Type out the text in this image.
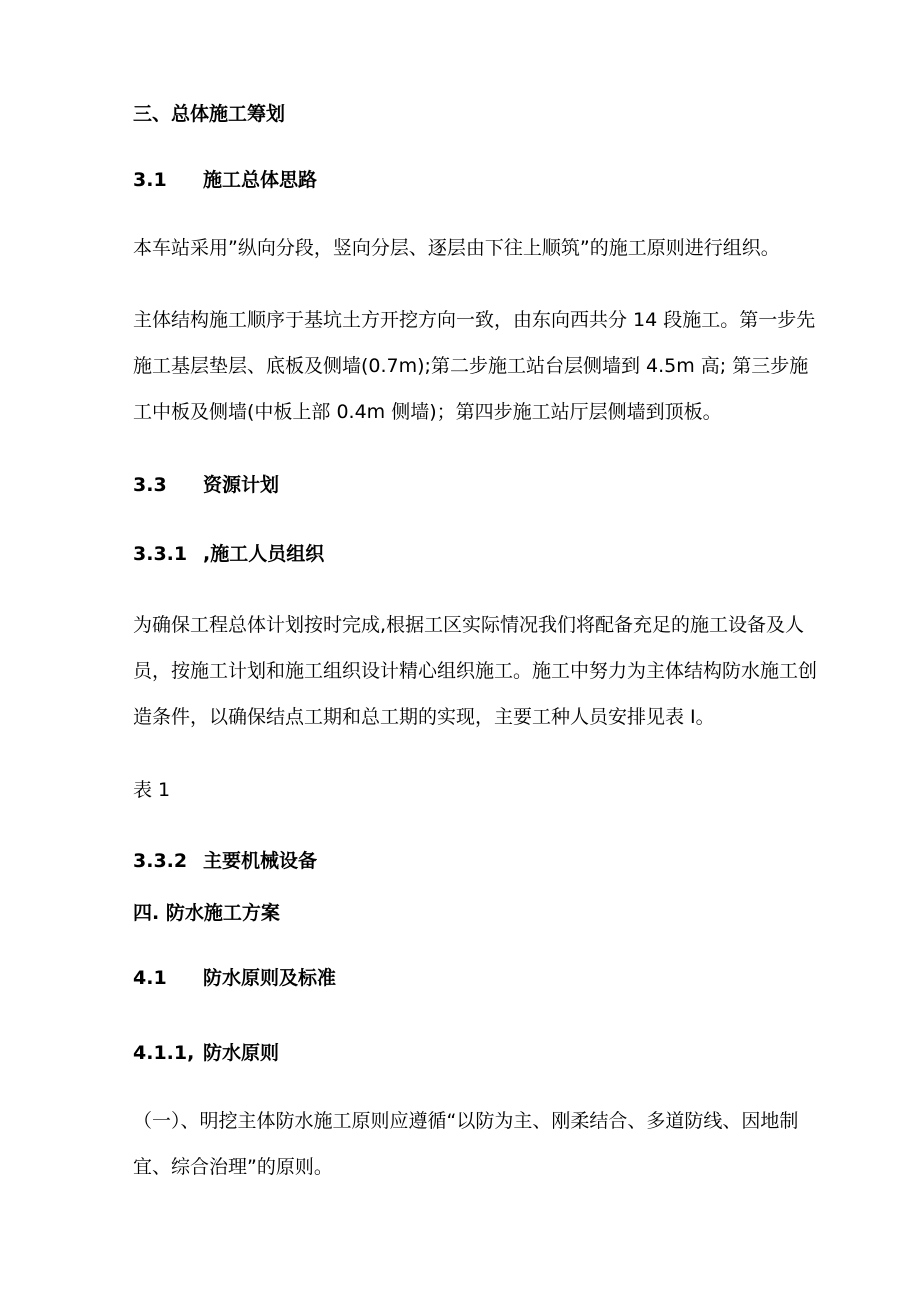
三、总体施工筹划
3.1 施工总体思路
本车站采用”纵向分段，竖向分层、逐层由下往上顺筑”的施工原则进行组织。
主体结构施工顺序于基坑土方开挖方向一致，由东向西共分 14 段施工。第一步先
施工基层垫层、底板及侧墙(0.7m);第二步施工站台层侧墙到 4.5m 高; 第三步施
工中板及侧墙(中板上部 0.4m 侧墙)；第四步施工站厅层侧墙到顶板。
3.3 资源计划
3.3.1 ,施工人员组织
为确保工程总体计划按时完成,根据工区实际情况我们将配备充足的施工设备及人
员，按施工计划和施工组织设计精心组织施工。施工中努力为主体结构防水施工创
造条件，以确保结点工期和总工期的实现，主要工种人员安排见表 I。
表 1
3.3.2 主要机械设备
四. 防水施工方案
4.1 防水原则及标准
4.1.1, 防水原则
（一）、明挖主体防水施工原则应遵循“以防为主、刚柔结合、多道防线、因地制
宜、综合治理”的原则。
